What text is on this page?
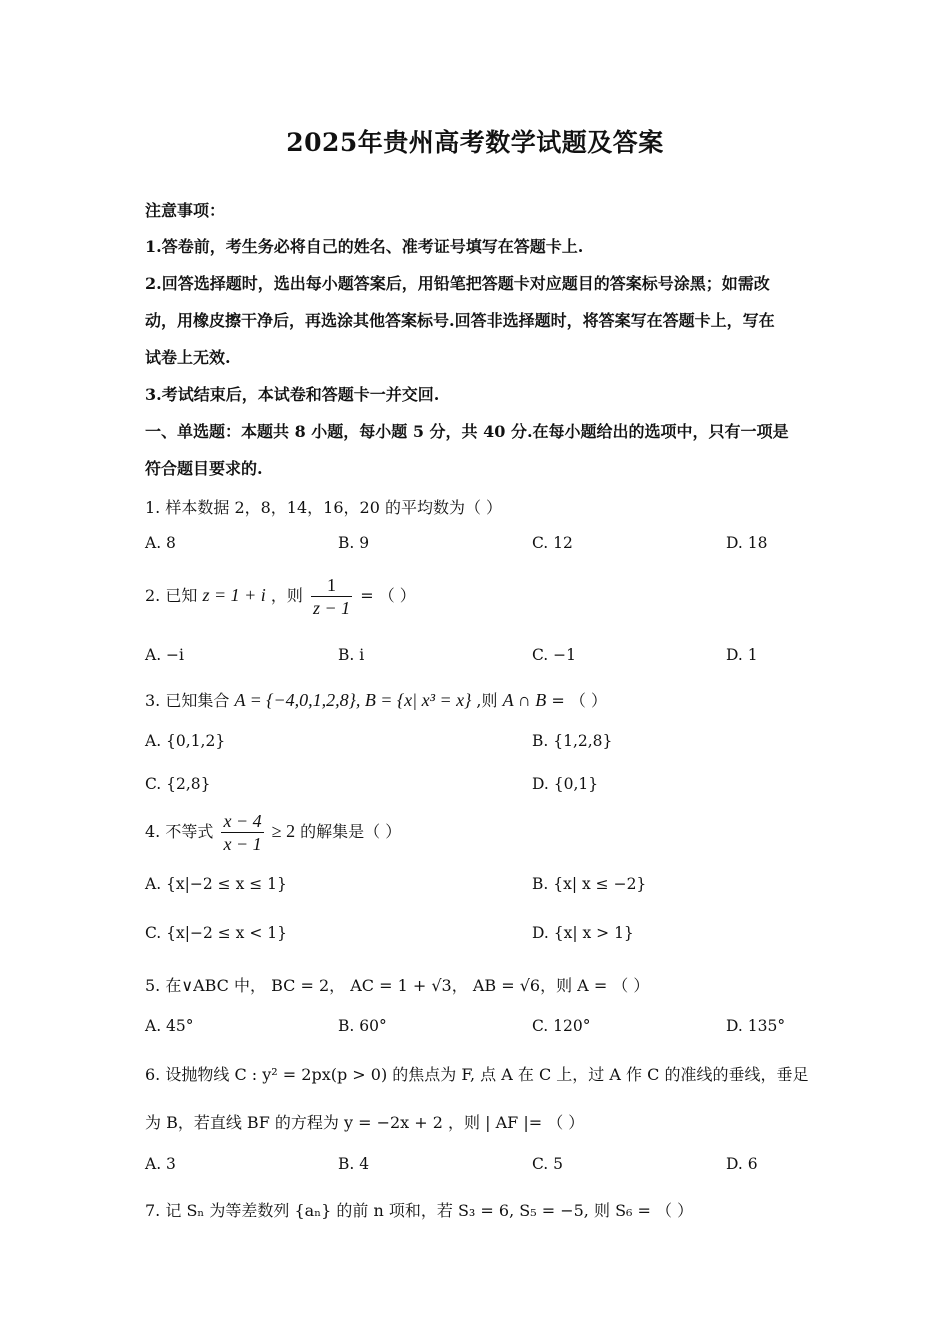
2025年贵州高考数学试题及答案
注意事项：
1.答卷前，考生务必将自己的姓名、准考证号填写在答题卡上.
2.回答选择题时，选出每小题答案后，用铅笔把答题卡对应题目的答案标号涂黑；如需改
动，用橡皮擦干净后，再选涂其他答案标号.回答非选择题时，将答案写在答题卡上，写在
试卷上无效.
3.考试结束后，本试卷和答题卡一并交回.
一、单选题：本题共 8 小题，每小题 5 分，共 40 分.在每小题给出的选项中，只有一项是
符合题目要求的.
1. 样本数据 2，8，14，16，20 的平均数为（ ）
A. 8	B. 9	C. 12	D. 18
2. 已知 z = 1 + i ，则 $\frac{1}{z - 1}$ = （ ）
A. −i	B. i	C. −1	D. 1
3. 已知集合 A = {−4,0,1,2,8}, B = {x| x³ = x} ,则 A ∩ B = （ ）
A. {0,1,2}	B. {1,2,8}
C. {2,8}	D. {0,1}
4. 不等式 $\frac{x - 4}{x - 1} \ge 2$ 的解集是（ ）
A. {x|−2 ≤ x ≤ 1}	B. {x| x ≤ −2}
C. {x|−2 ≤ x < 1}	D. {x| x > 1}
5. 在∨ABC 中， BC = 2， AC = 1 + √3， AB = √6，则 A = （ ）
A. 45°	B. 60°	C. 120°	D. 135°
6. 设抛物线 C : y² = 2px(p > 0) 的焦点为 F, 点 A 在 C 上，过 A 作 C 的准线的垂线，垂足
为 B，若直线 BF 的方程为 y = −2x + 2 ，则 | AF |= （ ）
A. 3	B. 4	C. 5	D. 6
7. 记 Sₙ 为等差数列 {aₙ} 的前 n 项和，若 S₃ = 6, S₅ = −5, 则 S₆ = （ ）
